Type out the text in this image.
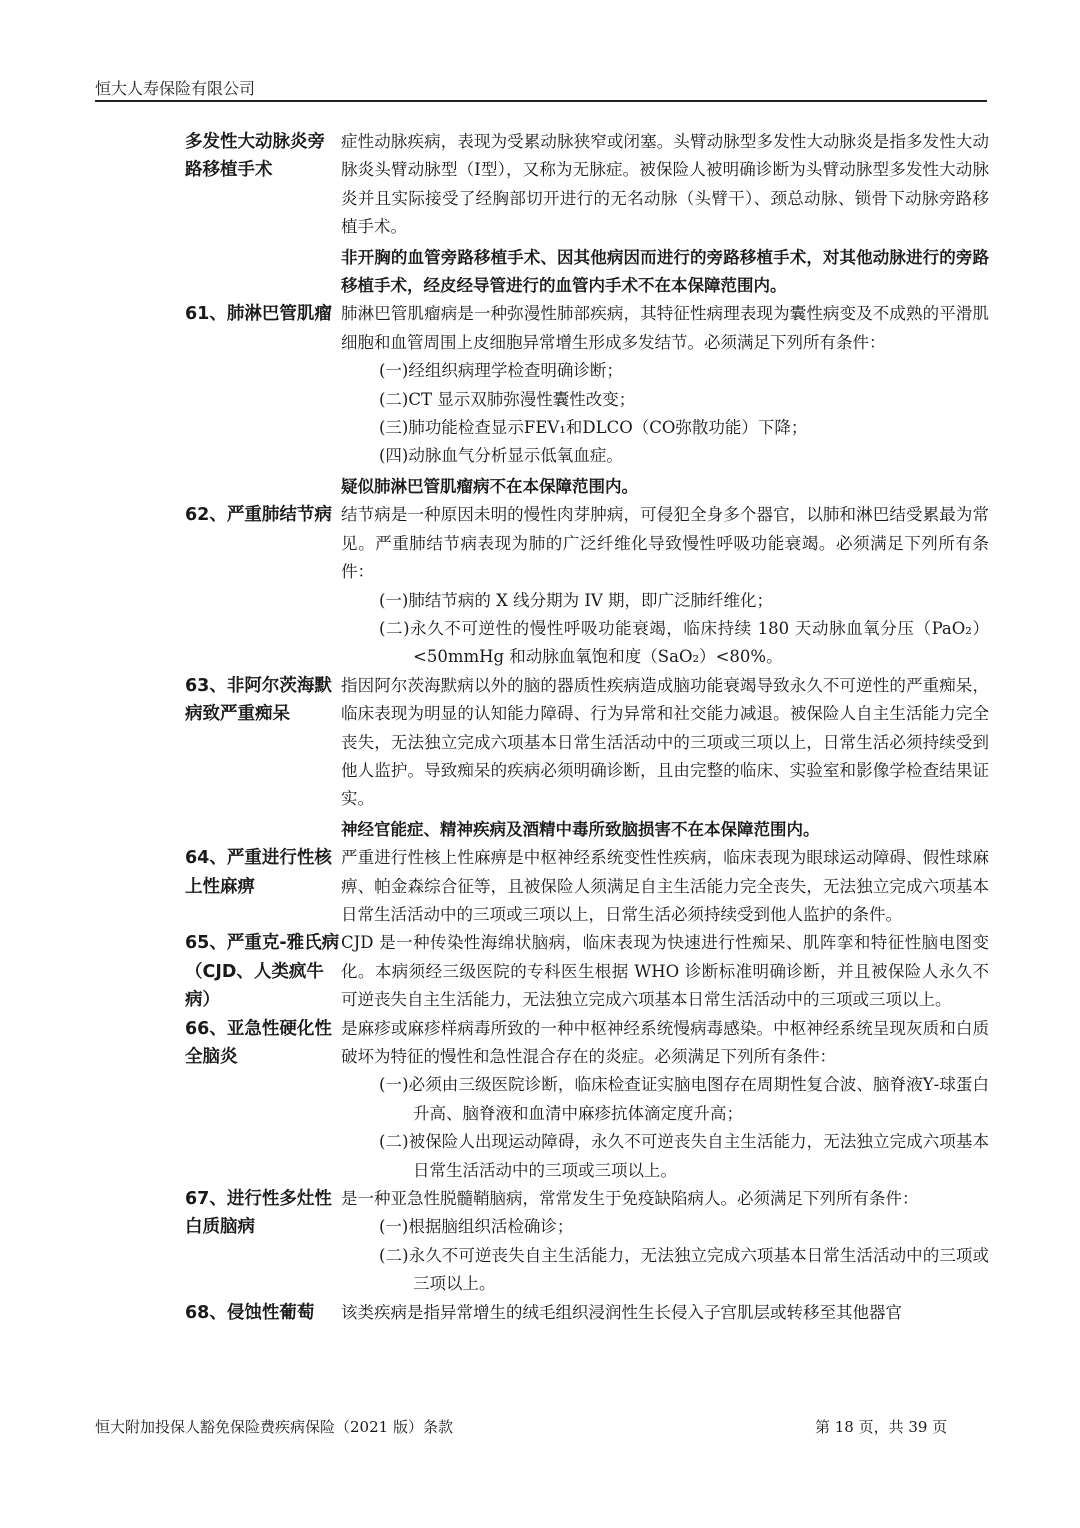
恒大人寿保险有限公司
多发性大动脉炎旁路移植手术

症性动脉疾病，表现为受累动脉狭窄或闭塞。头臂动脉型多发性大动脉炎是指多发性大动脉炎头臂动脉型（Ⅰ型），又称为无脉症。被保险人被明确诊断为头臂动脉型多发性大动脉炎并且实际接受了经胸部切开进行的无名动脉（头臂干）、颈总动脉、锁骨下动脉旁路移植手术。

非开胸的血管旁路移植手术、因其他病因而进行的旁路移植手术，对其他动脉进行的旁路移植手术，经皮经导管进行的血管内手术不在本保障范围内。
61、肺淋巴管肌瘤 肺淋巴管肌瘤病是一种弥漫性肺部疾病，其特征性病理表现为囊性病变及不成熟的平滑肌细胞和血管周围上皮细胞异常增生形成多发结节。必须满足下列所有条件：

(一)经组织病理学检查明确诊断；

(二)CT 显示双肺弥漫性囊性改变；

(三)肺功能检查显示FEV₁和DLCO（CO弥散功能）下降；

(四)动脉血气分析显示低氧血症。

疑似肺淋巴管肌瘤病不在本保障范围内。
62、严重肺结节病 结节病是一种原因未明的慢性肉芽肿病，可侵犯全身多个器官，以肺和淋巴结受累最为常见。严重肺结节病表现为肺的广泛纤维化导致慢性呼吸功能衰竭。必须满足下列所有条件：

(一)肺结节病的 X 线分期为 IV 期，即广泛肺纤维化；

(二)永久不可逆性的慢性呼吸功能衰竭，临床持续 180 天动脉血氧分压（PaO₂）<50mmHg 和动脉血氧饱和度（SaO₂）<80%。

63、非阿尔茨海默病致严重痴呆

指因阿尔茨海默病以外的脑的器质性疾病造成脑功能衰竭导致永久不可逆性的严重痴呆，临床表现为明显的认知能力障碍、行为异常和社交能力减退。被保险人自主生活能力完全丧失，无法独立完成六项基本日常生活活动中的三项或三项以上，日常生活必须持续受到他人监护。导致痴呆的疾病必须明确诊断，且由完整的临床、实验室和影像学检查结果证实。

神经官能症、精神疾病及酒精中毒所致脑损害不在本保障范围内。
64、严重进行性核上性麻痹

严重进行性核上性麻痹是中枢神经系统变性性疾病，临床表现为眼球运动障碍、假性球麻痹、帕金森综合征等，且被保险人须满足自主生活能力完全丧失，无法独立完成六项基本日常生活活动中的三项或三项以上，日常生活必须持续受到他人监护的条件。

65、严重克-雅氏病（CJD、人类疯牛病）

CJD 是一种传染性海绵状脑病，临床表现为快速进行性痴呆、肌阵挛和特征性脑电图变化。本病须经三级医院的专科医生根据 WHO 诊断标准明确诊断，并且被保险人永久不可逆丧失自主生活能力，无法独立完成六项基本日常生活活动中的三项或三项以上。

66、亚急性硬化性全脑炎

是麻疹或麻疹样病毒所致的一种中枢神经系统慢病毒感染。中枢神经系统呈现灰质和白质破坏为特征的慢性和急性混合存在的炎症。必须满足下列所有条件：

(一)必须由三级医院诊断，临床检查证实脑电图存在周期性复合波、脑脊液Υ-球蛋白升高、脑脊液和血清中麻疹抗体滴定度升高；

(二)被保险人出现运动障碍，永久不可逆丧失自主生活能力，无法独立完成六项基本日常生活活动中的三项或三项以上。

67、进行性多灶性白质脑病

是一种亚急性脱髓鞘脑病，常常发生于免疫缺陷病人。必须满足下列所有条件：

(一)根据脑组织活检确诊；

(二)永久不可逆丧失自主生活能力，无法独立完成六项基本日常生活活动中的三项或三项以上。

68、侵蚀性葡萄	该类疾病是指异常增生的绒毛组织浸润性生长侵入子宫肌层或转移至其他器官

恒大附加投保人豁免保险费疾病保险（2021 版）条款	第 18 页，共 39 页
